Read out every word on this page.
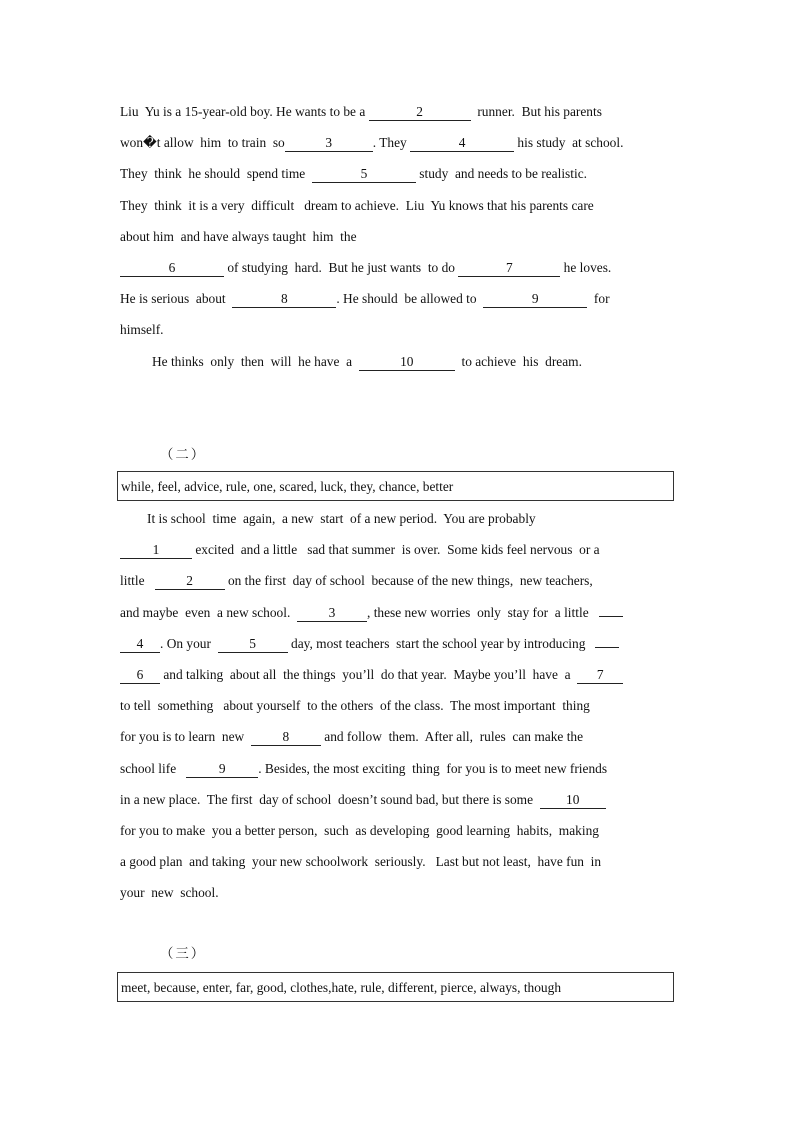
Liu  Yu is a 15-year-old boy. He wants to be a	2	runner.  But his parents
won�t allow  him  to train  so	3	. They	4	his study  at school.
They  think  he should  spend time	5	study  and needs to be realistic.
They  think  it is a very  difficult   dream to achieve.  Liu  Yu knows that his parents care
about him  and have always taught  him  the
6	of studying  hard.  But he just wants  to do	7	he loves.
He is serious  about	8	. He should  be allowed to	9	for
himself.
He thinks  only  then  will  he have  a	10	to achieve  his  dream.
（二）
while, feel, advice, rule, one, scared, luck, they, chance, better
It is school  time  again,  a new  start  of a new period.  You are probably
1 excited  and a little   sad that summer  is over.  Some kids feel nervous  or a
little   2 on the first  day of school  because of the new things,  new teachers,
and maybe  even  a new school.  3 , these new worries  only  stay for  a little
4 . On your  5 day, most teachers  start the school year by introducing
6 and talking  about all  the things  you’ll  do that year.  Maybe you’ll  have  a  7
to tell  something   about yourself  to the others  of the class.  The most important  thing
for you is to learn  new  8 and follow  them.  After all,  rules  can make the
school life   9 . Besides, the most exciting  thing  for you is to meet new friends
in a new place.  The first  day of school  doesn’t sound bad, but there is some  10
for you to make  you a better person,  such  as developing  good learning  habits,  making
a good plan  and taking  your new schoolwork  seriously.   Last but not least,  have fun  in
your  new  school.
（三）
meet, because, enter, far, good, clothes,hate, rule, different, pierce, always, though
